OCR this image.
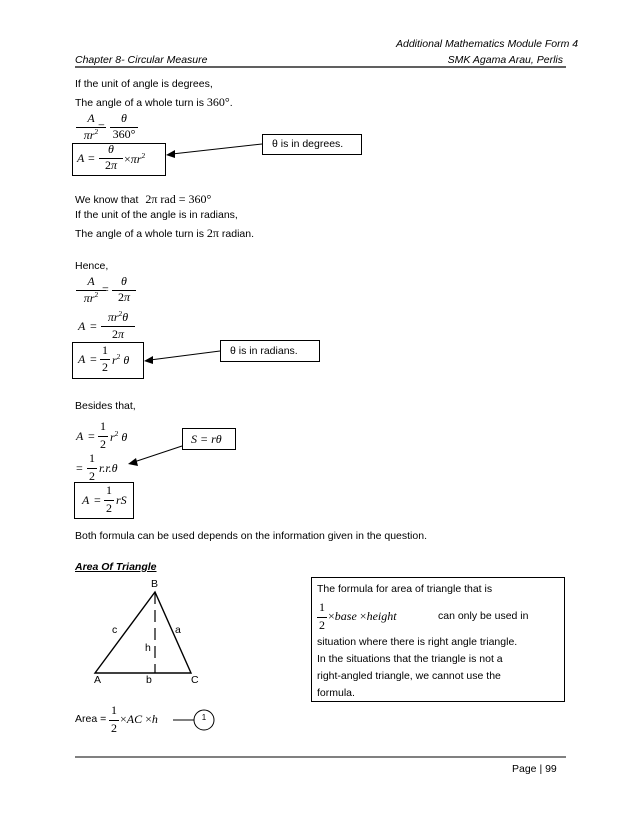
Additional Mathematics Module Form 4
Chapter 8- Circular Measure	SMK Agama Arau, Perlis
If the unit of angle is degrees,
The angle of a whole turn is 360°.
A
$\pi r^2$ =
θ
360°
A =
θ
$2\pi \times\pi r^2$
θ is in degrees.
We know that 2π rad = 360°
If the unit of the angle is in radians,
The angle of a whole turn is 2π radian.
Hence,
A
$\pi r^2$ =
θ
2π
A =
$\pi r^2\theta$
2π
A =
1
2 $r^2$ θ
θ is in radians.
Besides that,
A =
1
2 $r^2$ θ
=
1
2
r.r.θ
S = rθ
A =
1
2
rS
Both formula can be used depends on the information given in the question.
Area Of Triangle
B
c	a
h
A	b	C
Area =
1
2
×AC ×h	1
The formula for area of triangle that is
1
2
×base ×height	can only be used in
situation where there is right angle triangle.
In the situations that the triangle is not a
right-angled triangle, we cannot use the
formula.
Page | 99
